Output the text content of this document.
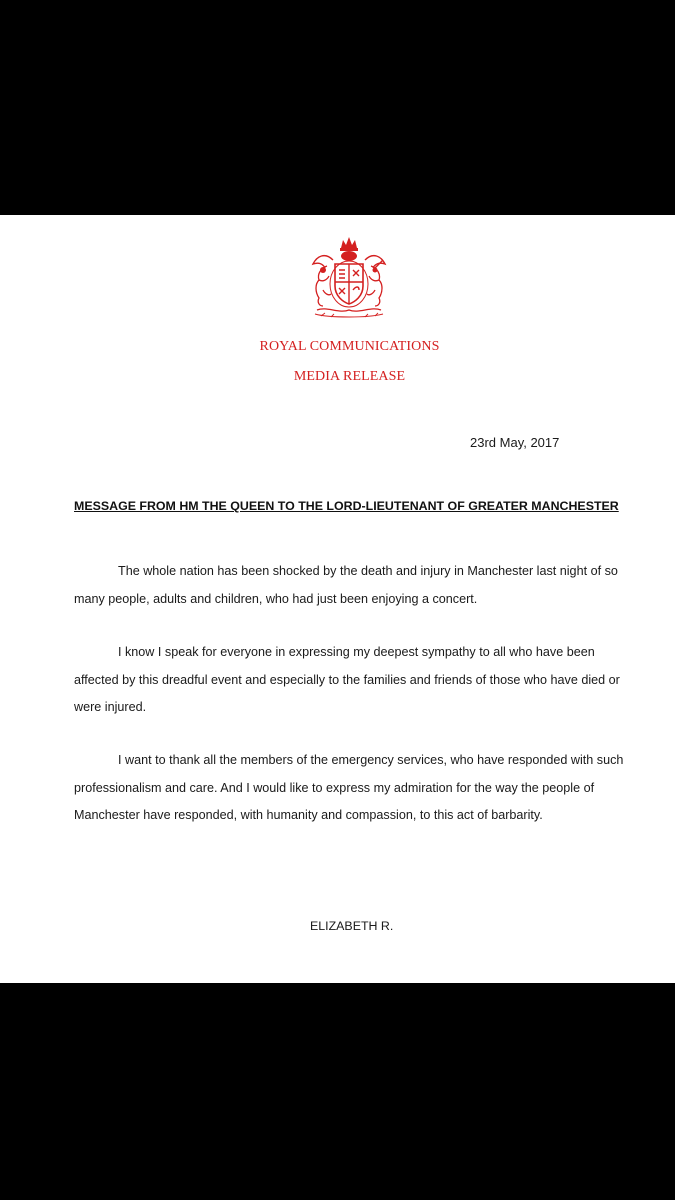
ROYAL COMMUNICATIONS
MEDIA RELEASE
23rd May, 2017
MESSAGE FROM HM THE QUEEN TO THE LORD-LIEUTENANT OF GREATER MANCHESTER

The whole nation has been shocked by the death and injury in Manchester last night of so many people, adults and children, who had just been enjoying a concert.

I know I speak for everyone in expressing my deepest sympathy to all who have been affected by this dreadful event and especially to the families and friends of those who have died or were injured.

I want to thank all the members of the emergency services, who have responded with such professionalism and care. And I would like to express my admiration for the way the people of Manchester have responded, with humanity and compassion, to this act of barbarity.

ELIZABETH R.
